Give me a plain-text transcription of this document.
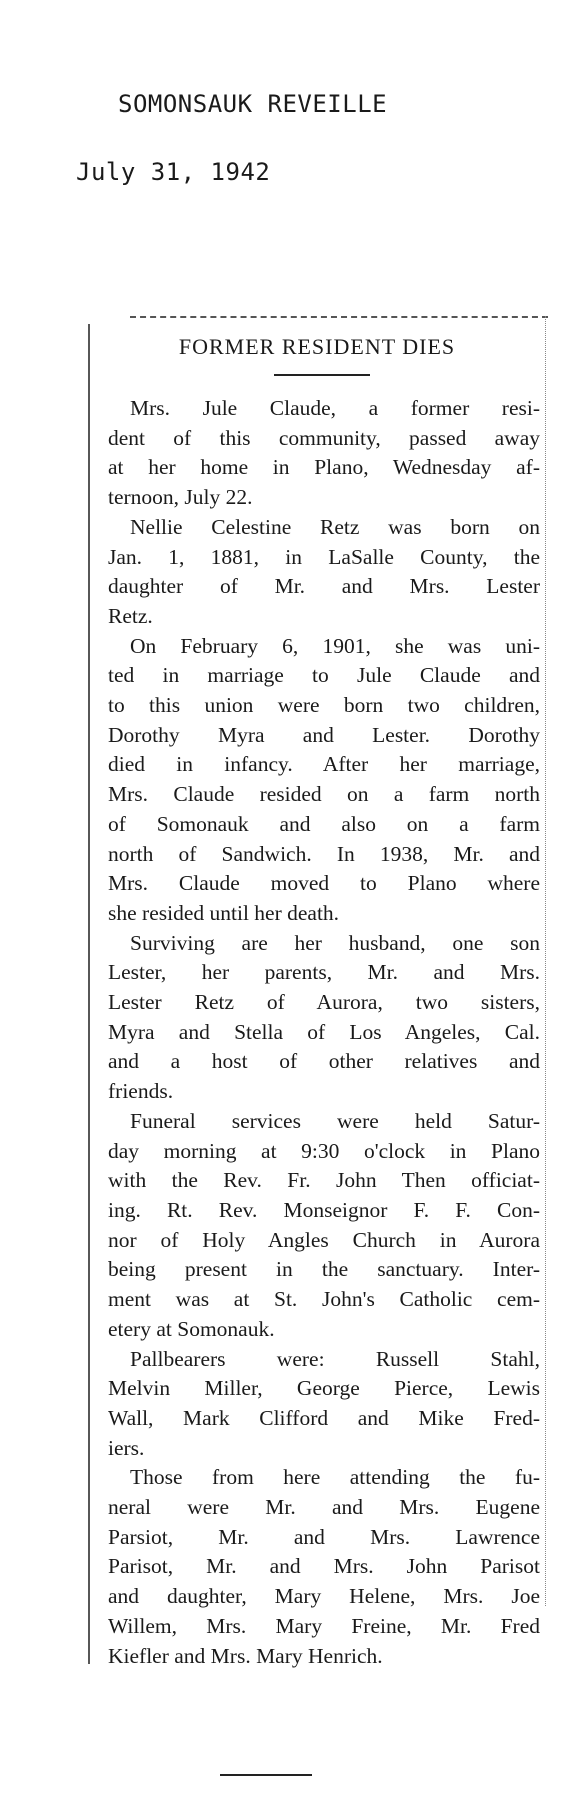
SOMONSAUK REVEILLE
July 31, 1942
FORMER RESIDENT DIES

Mrs. Jule Claude, a former resi-
dent of this community, passed away
at her home in Plano, Wednesday af-
ternoon, July 22.

Nellie Celestine Retz was born on
Jan. 1, 1881, in LaSalle County, the
daughter of Mr. and Mrs. Lester
Retz.

On February 6, 1901, she was uni-
ted in marriage to Jule Claude and
to this union were born two children,
Dorothy Myra and Lester. Dorothy
died in infancy. After her marriage,
Mrs. Claude resided on a farm north
of Somonauk and also on a farm
north of Sandwich. In 1938, Mr. and
Mrs. Claude moved to Plano where
she resided until her death.

Surviving are her husband, one son
Lester, her parents, Mr. and Mrs.
Lester Retz of Aurora, two sisters,
Myra and Stella of Los Angeles, Cal.
and a host of other relatives and
friends.

Funeral services were held Satur-
day morning at 9:30 o'clock in Plano
with the Rev. Fr. John Then officiat-
ing. Rt. Rev. Monseignor F. F. Con-
nor of Holy Angles Church in Aurora
being present in the sanctuary. Inter-
ment was at St. John's Catholic cem-
etery at Somonauk.

Pallbearers were: Russell Stahl,
Melvin Miller, George Pierce, Lewis
Wall, Mark Clifford and Mike Fred-
iers.

Those from here attending the fu-
neral were Mr. and Mrs. Eugene
Parsiot, Mr. and Mrs. Lawrence
Parisot, Mr. and Mrs. John Parisot
and daughter, Mary Helene, Mrs. Joe
Willem, Mrs. Mary Freine, Mr. Fred
Kiefler and Mrs. Mary Henrich.
